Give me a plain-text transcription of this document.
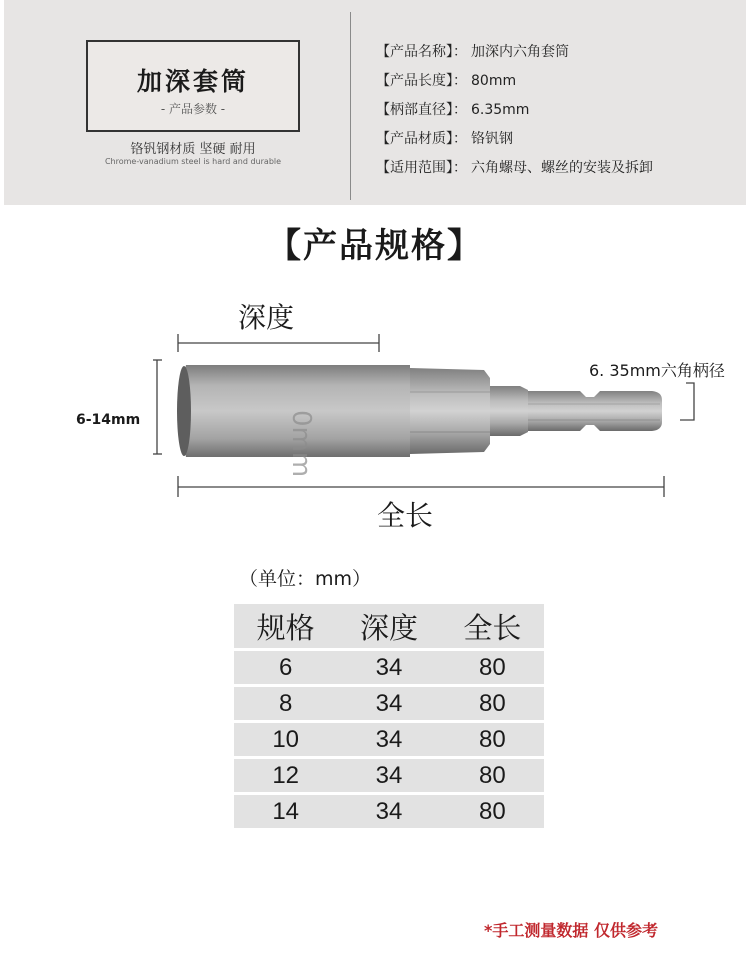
加深套筒
- 产品参数 -
铬钒钢材质 坚硬 耐用
Chrome-vanadium steel is hard and durable
【产品名称】： 加深内六角套筒
【产品长度】： 80mm
【柄部直径】： 6.35mm
【产品材质】： 铬钒钢
【适用范围】： 六角螺母、螺丝的安装及拆卸
【产品规格】
0mm
深度
6. 35mm六角柄径
6-14mm
全长
（单位：mm）
规格	深度	全长
6	34	80
8	34	80
10	34	80
12	34	80
14	34	80
*手工测量数据 仅供参考
